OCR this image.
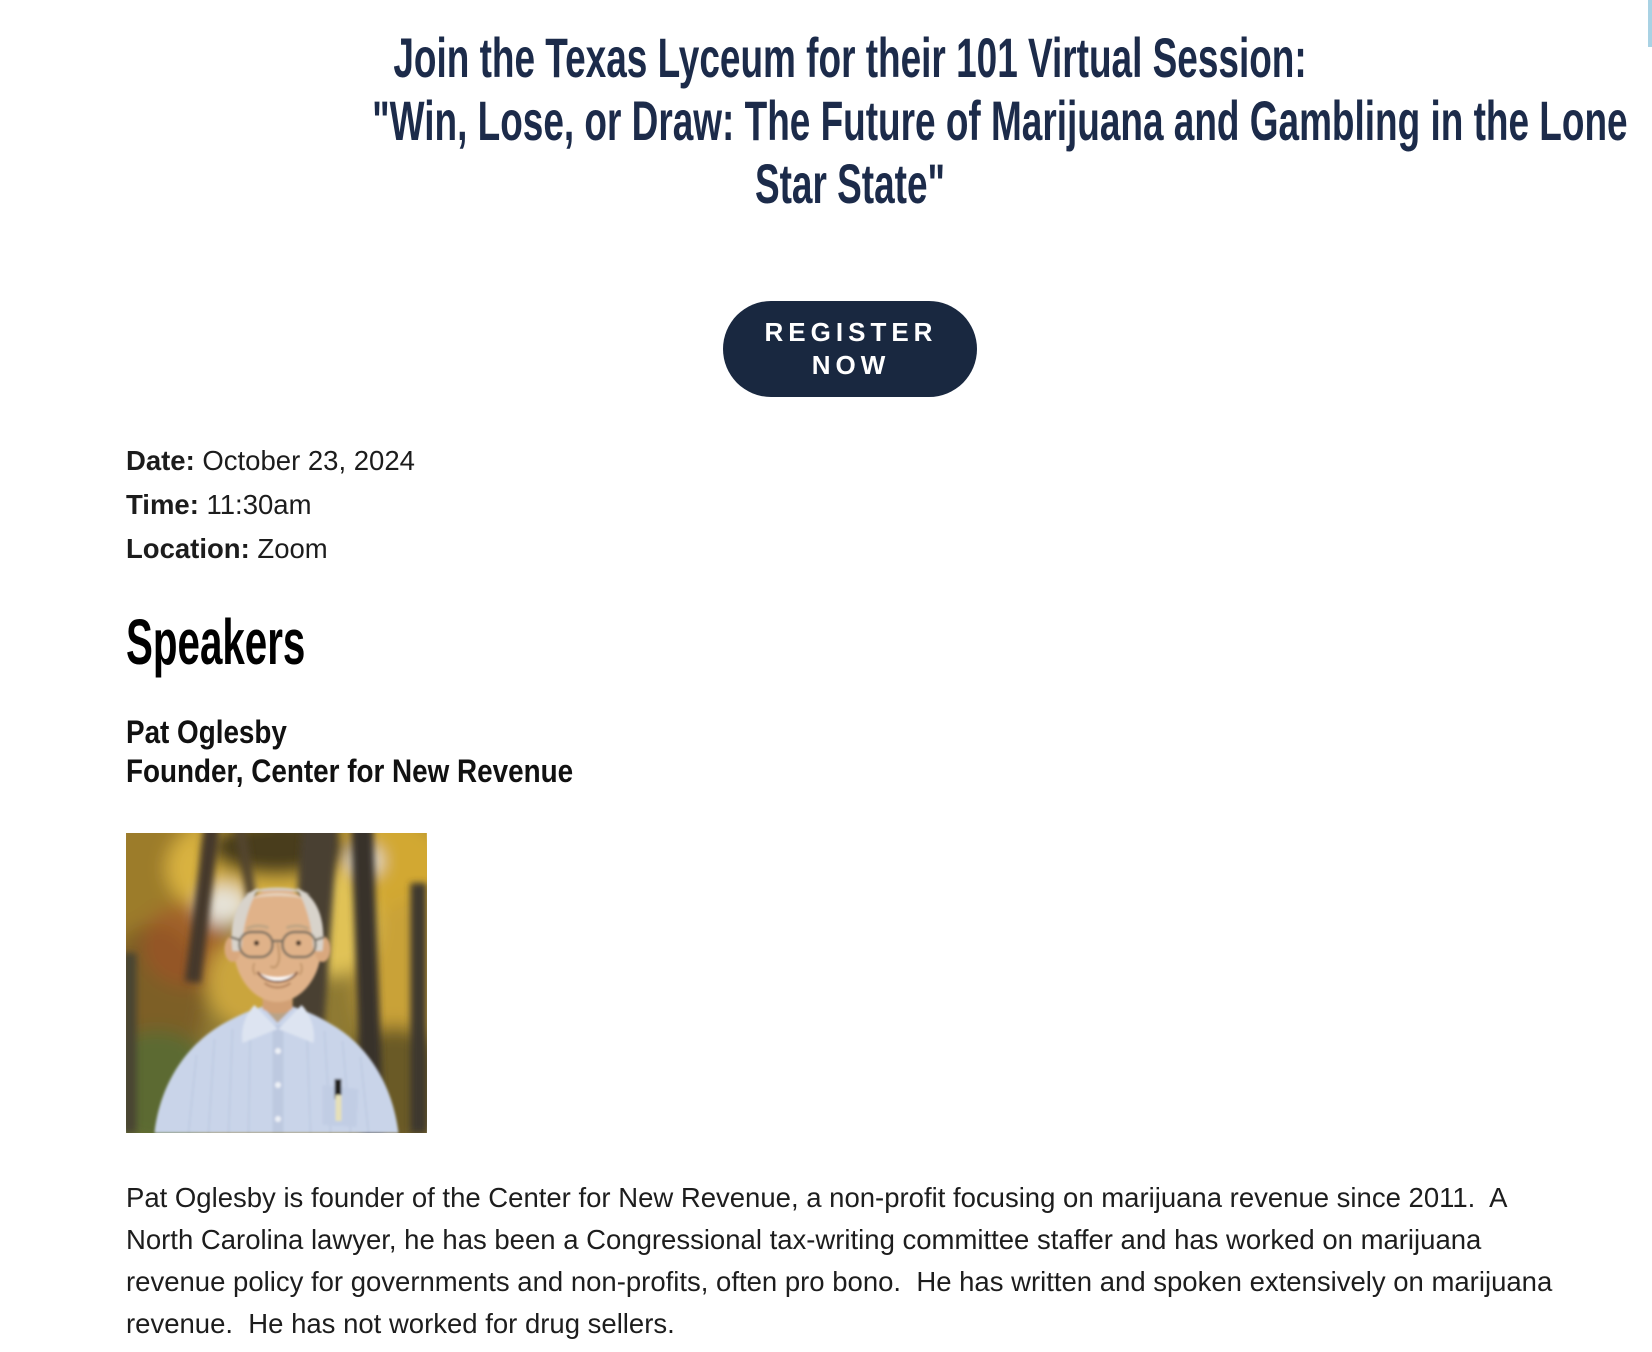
Join the Texas Lyceum for their 101 Virtual Session:
"Win, Lose, or Draw: The Future of Marijuana and Gambling in the Lone
Star State"
REGISTER
NOW
Date: October 23, 2024
Time: 11:30am
Location: Zoom
Speakers
Pat Oglesby
Founder, Center for New Revenue

Pat Oglesby is founder of the Center for New Revenue, a non-profit focusing on marijuana revenue since 2011.  A North Carolina lawyer, he has been a Congressional tax-writing committee staffer and has worked on marijuana revenue policy for governments and non-profits, often pro bono.  He has written and spoken extensively on marijuana revenue.  He has not worked for drug sellers.
